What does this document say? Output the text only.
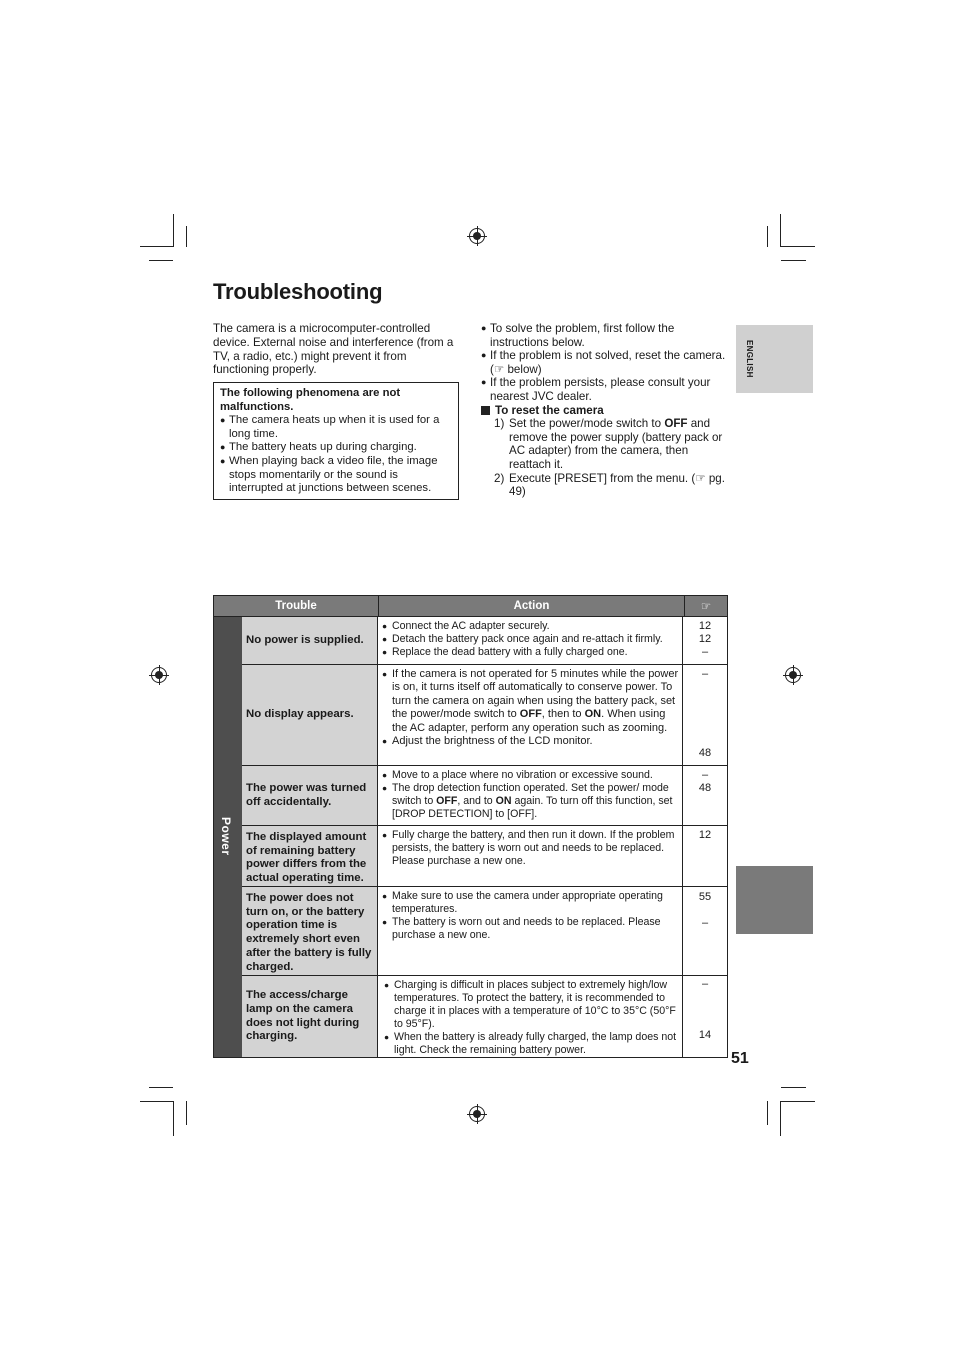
Troubleshooting
The camera is a microcomputer-controlled device. External noise and interference (from a TV, a radio, etc.) might prevent it from functioning properly.
The following phenomena are not malfunctions.
● The camera heats up when it is used for a long time.
● The battery heats up during charging.
● When playing back a video file, the image stops momentarily or the sound is interrupted at junctions between scenes.
● To solve the problem, first follow the instructions below.
● If the problem is not solved, reset the camera. (☞ below)
● If the problem persists, please consult your nearest JVC dealer.
To reset the camera
1) Set the power/mode switch to OFF and remove the power supply (battery pack or AC adapter) from the camera, then reattach it.
2) Execute [PRESET] from the menu. (☞ pg. 49)
ENGLISH
51
Trouble	Action	☞
Power
No power is supplied.
● Connect the AC adapter securely.
● Detach the battery pack once again and re-attach it firmly.
● Replace the dead battery with a fully charged one.
12
12
–
No display appears.
● If the camera is not operated for 5 minutes while the power is on, it turns itself off automatically to conserve power. To turn the camera on again when using the battery pack, set the power/mode switch to OFF, then to ON. When using the AC adapter, perform any operation such as zooming.
● Adjust the brightness of the LCD monitor.
–
48
The power was turned off accidentally.
● Move to a place where no vibration or excessive sound.
● The drop detection function operated. Set the power/ mode switch to OFF, and to ON again. To turn off this function, set [DROP DETECTION] to [OFF].
–
48
The displayed amount of remaining battery power differs from the actual operating time.
● Fully charge the battery, and then run it down. If the problem persists, the battery is worn out and needs to be replaced. Please purchase a new one.
12
The power does not turn on, or the battery operation time is extremely short even after the battery is fully charged.
● Make sure to use the camera under appropriate operating temperatures.
● The battery is worn out and needs to be replaced. Please purchase a new one.
55
–
The access/charge lamp on the camera does not light during charging.
● Charging is difficult in places subject to extremely high/low temperatures. To protect the battery, it is recommended to charge it in places with a temperature of 10°C to 35°C (50°F to 95°F).
● When the battery is already fully charged, the lamp does not light. Check the remaining battery power.
–
14
